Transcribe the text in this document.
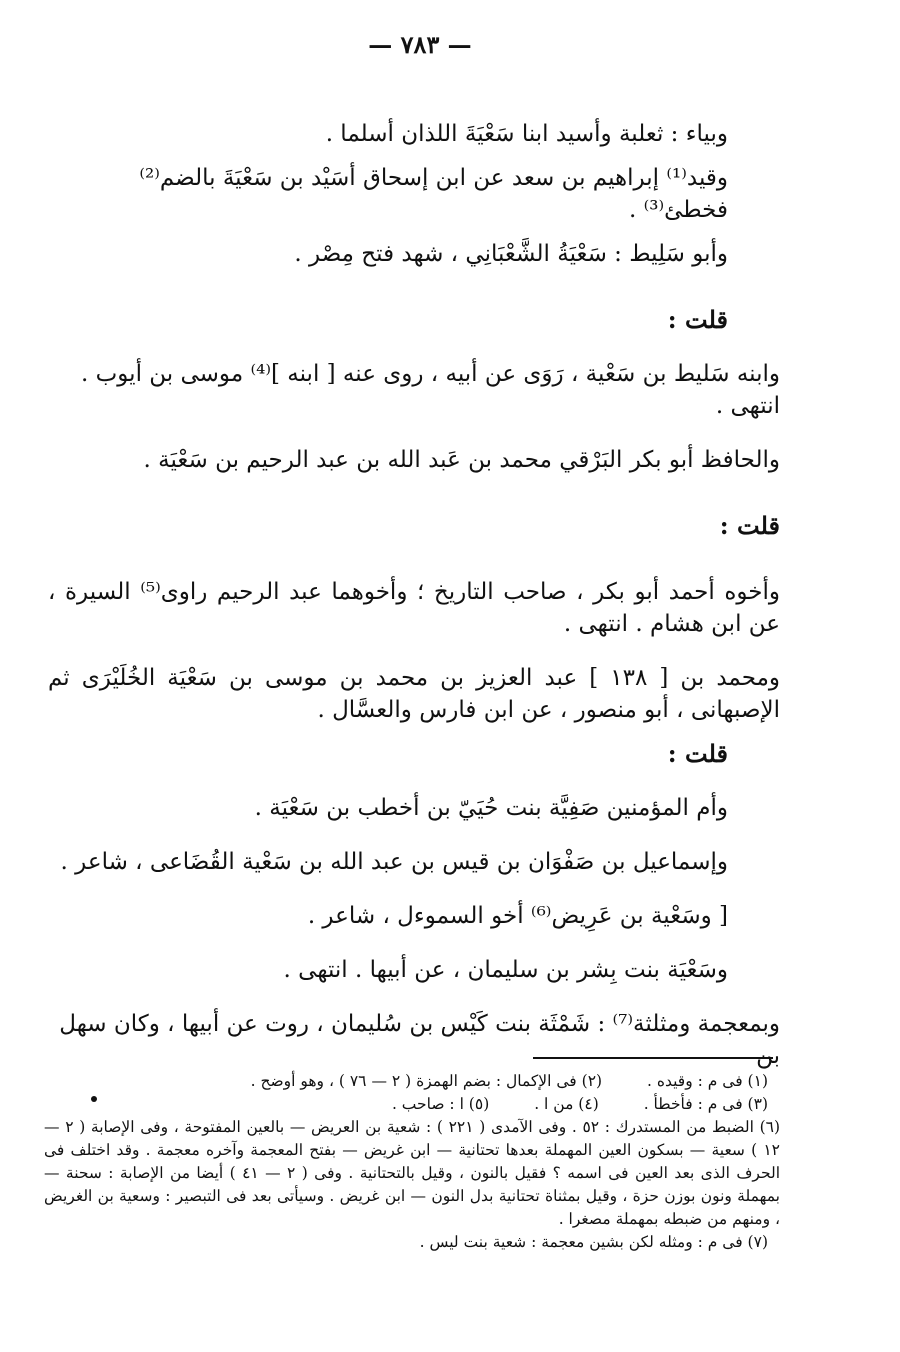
— ٧٨٣ —

وبياء : ثعلبة وأسيد ابنا سَعْيَةَ اللذان أسلما .

وقيد⁽¹⁾ إبراهيم بن سعد عن ابن إسحاق أسَيْد بن سَعْيَةَ بالضم⁽²⁾ فخطئ⁽³⁾ .

وأبو سَلِيط : سَعْيَةُ الشَّعْبَانِي ، شهد فتح مِصْر .

قلت :

وابنه سَليط بن سَعْية ، رَوَى عن أبيه ، روى عنه [ ابنه ]⁽⁴⁾ موسى بن أيوب . انتهى .

والحافظ أبو بكر البَرْقي محمد بن عَبد الله بن عبد الرحيم بن سَعْيَة .

قلت :

وأخوه أحمد أبو بكر ، صاحب التاريخ ؛ وأخوهما عبد الرحيم راوى⁽⁵⁾ السيرة ، عن ابن هشام . انتهى .

ومحمد بن [ ١٣٨ ] عبد العزيز بن محمد بن موسى بن سَعْيَة الخُلَيْرَى ثم الإصبهانى ، أبو منصور ، عن ابن فارس والعسَّال .

قلت :

وأم المؤمنين صَفِيَّة بنت حُيَيّ بن أخطب بن سَعْيَة .

وإسماعيل بن صَفْوَان بن قيس بن عبد الله بن سَعْية القُضَاعى ، شاعر .

[ وسَعْية بن عَرِيض⁽⁶⁾ أخو السموءل ، شاعر .

وسَعْيَة بنت بِشر بن سليمان ، عن أبيها . انتهى .

وبمعجمة ومثلثة⁽⁷⁾ : شَمْثَة بنت كَيْس بن سُليمان ، روت عن أبيها ، وكان سهل بن

(١) فى م : وقيده . (٢) فى الإكمال : بضم الهمزة ( ٢ — ٧٦ ) ، وهو أوضح .

(٣) فى م : فأخطأ . (٤) من ا . (٥) ا : صاحب .

(٦) الضبط من المستدرك : ٥٢ . وفى الآمدى ( ٢٢١ ) : شعية بن العريض — بالعين المفتوحة ، وفى الإصابة ( ٢ — ١٢ ) سعية — بسكون العين المهملة بعدها تحتانية — ابن غريض — بفتح المعجمة وآخره معجمة . وقد اختلف فى الحرف الذى بعد العين فى اسمه ؟ فقيل بالنون ، وقيل بالتحتانية . وفى ( ٢ — ٤١ ) أيضا من الإصابة : سحنة — بمهملة ونون بوزن حزة ، وقيل بمثناة تحتانية بدل النون — ابن غريض . وسيأتى بعد فى التبصير : وسعية بن الغريض ، ومنهم من ضبطه بمهملة مصغرا .

(٧) فى م : ومثله لكن بشين معجمة : شعية بنت ليس .
